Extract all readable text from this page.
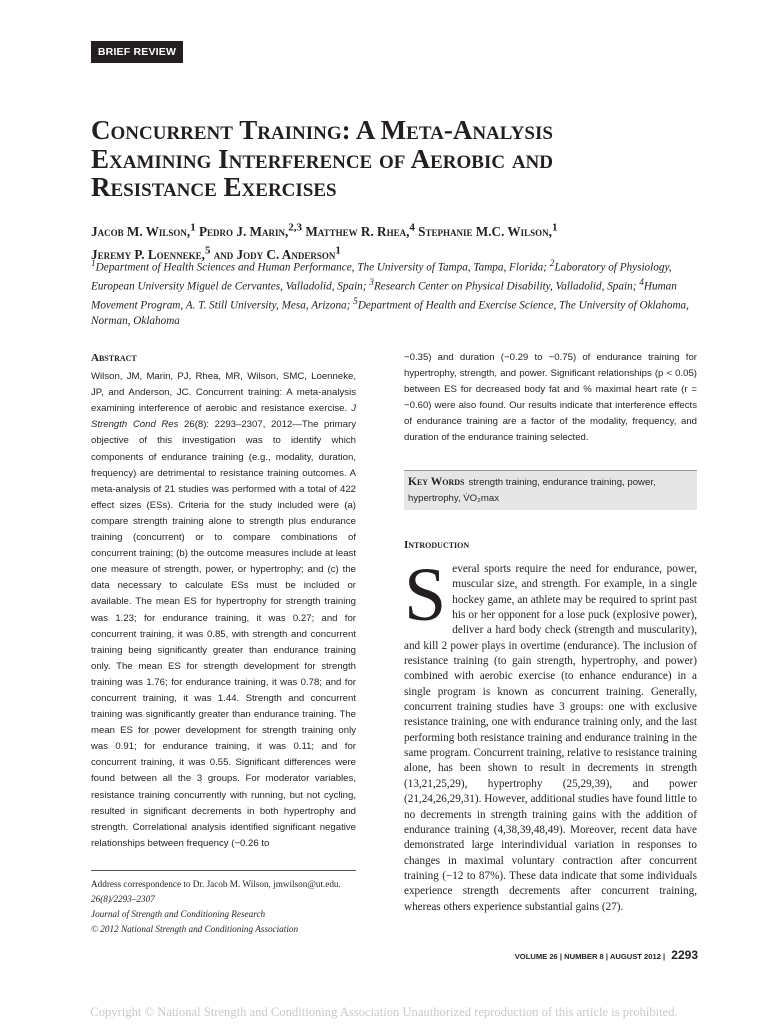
BRIEF REVIEW
Concurrent Training: A Meta-Analysis
Examining Interference of Aerobic and
Resistance Exercises
Jacob M. Wilson,$^1$ Pedro J. Marin,$^{2,3}$ Matthew R. Rhea,$^4$ Stephanie M.C. Wilson,$^1$
Jeremy P. Loenneke,$^5$ and Jody C. Anderson$^1$
$^1$Department of Health Sciences and Human Performance, The University of Tampa, Tampa, Florida; $^2$Laboratory of Physiology, European University Miguel de Cervantes, Valladolid, Spain; $^3$Research Center on Physical Disability, Valladolid, Spain; $^4$Human Movement Program, A. T. Still University, Mesa, Arizona; $^5$Department of Health and Exercise Science, The University of Oklahoma, Norman, Oklahoma
Abstract

Wilson, JM, Marin, PJ, Rhea, MR, Wilson, SMC, Loenneke, JP, and Anderson, JC. Concurrent training: A meta-analysis examining interference of aerobic and resistance exercise. J Strength Cond Res 26(8): 2293–2307, 2012—The primary objective of this investigation was to identify which components of endurance training (e.g., modality, duration, frequency) are detrimental to resistance training outcomes. A meta-analysis of 21 studies was performed with a total of 422 effect sizes (ESs). Criteria for the study included were (a) compare strength training alone to strength plus endurance training (concurrent) or to compare combinations of concurrent training; (b) the outcome measures include at least one measure of strength, power, or hypertrophy; and (c) the data necessary to calculate ESs must be included or available. The mean ES for hypertrophy for strength training was 1.23; for endurance training, it was 0.27; and for concurrent training, it was 0.85, with strength and concurrent training being significantly greater than endurance training only. The mean ES for strength development for strength training was 1.76; for endurance training, it was 0.78; and for concurrent training, it was 1.44. Strength and concurrent training was significantly greater than endurance training. The mean ES for power development for strength training only was 0.91; for endurance training, it was 0.11; and for concurrent training, it was 0.55. Significant differences were found between all the 3 groups. For moderator variables, resistance training concurrently with running, but not cycling, resulted in significant decrements in both hypertrophy and strength. Correlational analysis identified significant negative relationships between frequency (−0.26 to

−0.35) and duration (−0.29 to −0.75) of endurance training for hypertrophy, strength, and power. Significant relationships (p < 0.05) between ES for decreased body fat and % maximal heart rate (r = −0.60) were also found. Our results indicate that interference effects of endurance training are a factor of the modality, frequency, and duration of the endurance training selected.

Key Words strength training, endurance training, power, hypertrophy, V̇O₂max
Introduction
Several sports require the need for endurance, power, muscular size, and strength. For example, in a single hockey game, an athlete may be required to sprint past his or her opponent for a lose puck (explosive power), deliver a hard body check (strength and muscularity), and kill 2 power plays in overtime (endurance). The inclusion of resistance training (to gain strength, hypertrophy, and power) combined with aerobic exercise (to enhance endurance) in a single program is known as concurrent training. Generally, concurrent training studies have 3 groups: one with exclusive resistance training, one with endurance training only, and the last performing both resistance training and endurance training in the same program. Concurrent training, relative to resistance training alone, has been shown to result in decrements in strength (13,21,25,29), hypertrophy (25,29,39), and power (21,24,26,29,31). However, additional studies have found little to no decrements in strength training gains with the addition of endurance training (4,38,39,48,49). Moreover, recent data have demonstrated large interindividual variation in responses to changes in maximal voluntary contraction after concurrent training (−12 to 87%). These data indicate that some individuals experience strength decrements after concurrent training, whereas others experience substantial gains (27).
Address correspondence to Dr. Jacob M. Wilson, jmwilson@ut.edu.
26(8)/2293–2307
Journal of Strength and Conditioning Research
© 2012 National Strength and Conditioning Association
VOLUME 26 | NUMBER 8 | AUGUST 2012 | 2293
Copyright © National Strength and Conditioning Association Unauthorized reproduction of this article is prohibited.
